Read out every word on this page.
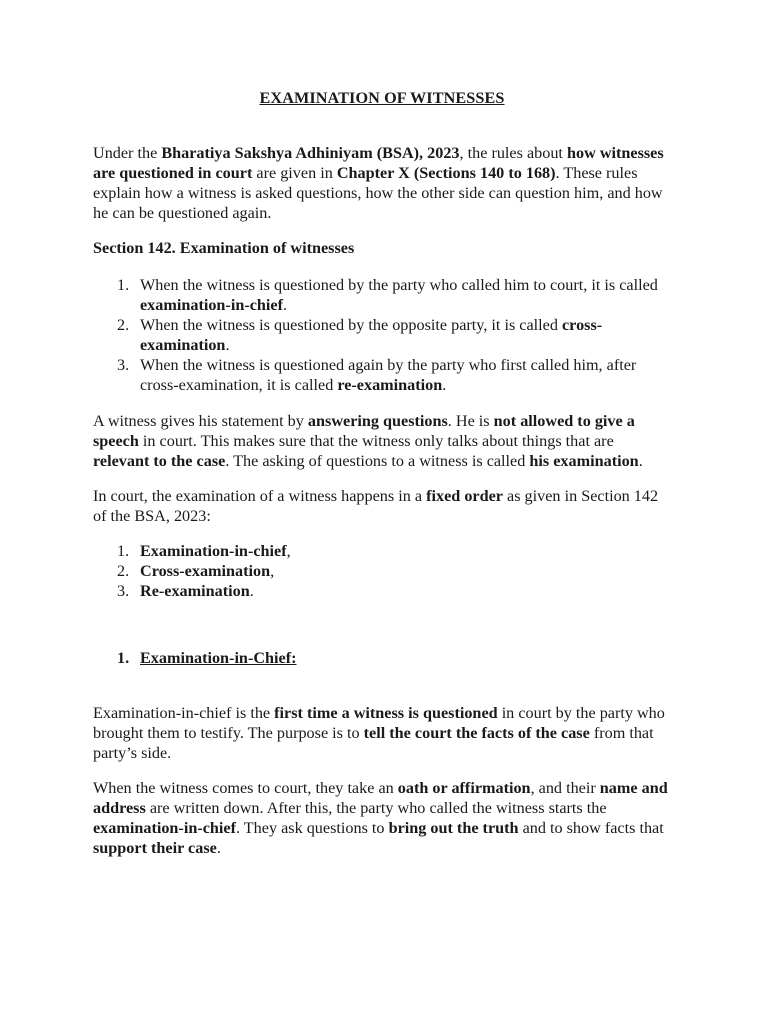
EXAMINATION OF WITNESSES

Under the Bharatiya Sakshya Adhiniyam (BSA), 2023, the rules about how witnesses are questioned in court are given in Chapter X (Sections 140 to 168). These rules explain how a witness is asked questions, how the other side can question him, and how he can be questioned again.

Section 142. Examination of witnesses
1. When the witness is questioned by the party who called him to court, it is called examination-in-chief.
2. When the witness is questioned by the opposite party, it is called cross-examination.
3. When the witness is questioned again by the party who first called him, after cross-examination, it is called re-examination.

A witness gives his statement by answering questions. He is not allowed to give a speech in court. This makes sure that the witness only talks about things that are relevant to the case. The asking of questions to a witness is called his examination.

In court, the examination of a witness happens in a fixed order as given in Section 142 of the BSA, 2023:

1. Examination-in-chief,
2. Cross-examination,
3. Re-examination.
1. Examination-in-Chief:

Examination-in-chief is the first time a witness is questioned in court by the party who brought them to testify. The purpose is to tell the court the facts of the case from that party’s side.

When the witness comes to court, they take an oath or affirmation, and their name and address are written down. After this, the party who called the witness starts the examination-in-chief. They ask questions to bring out the truth and to show facts that support their case.
